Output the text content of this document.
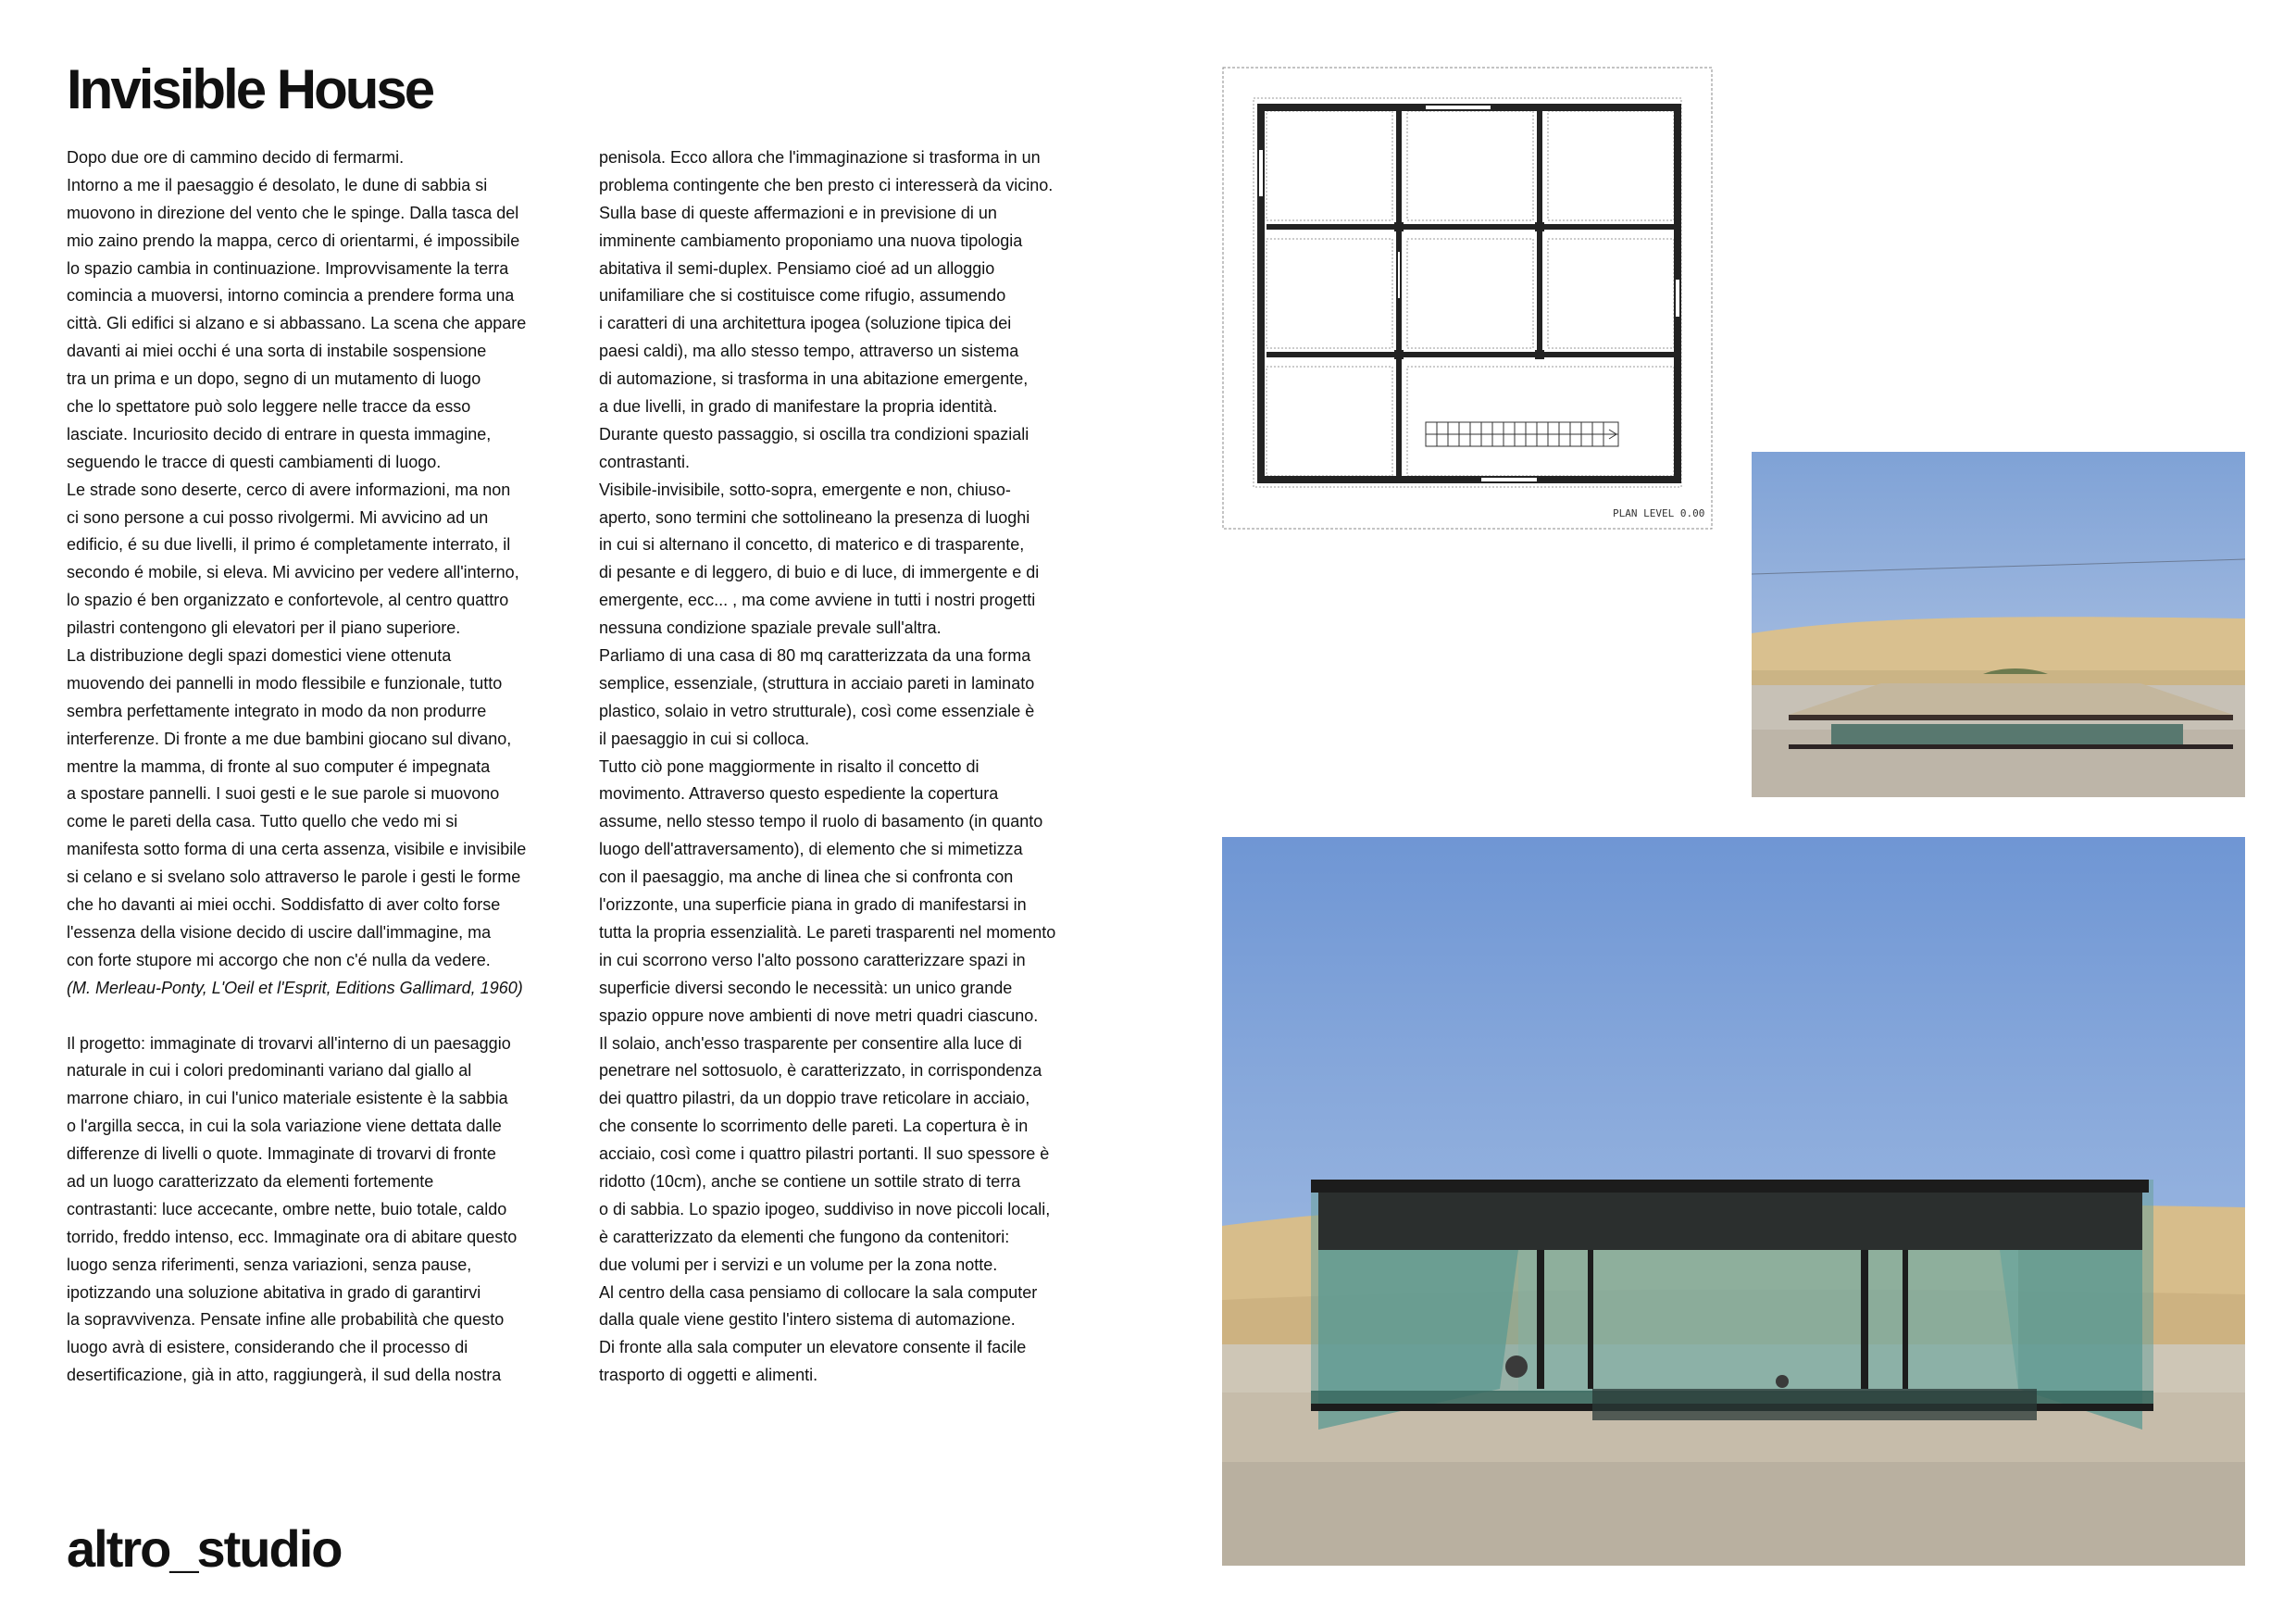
Invisible House
Dopo due ore di cammino decido di fermarmi.
Intorno a me il paesaggio é desolato, le dune di sabbia si
muovono in direzione del vento che le spinge. Dalla tasca del
mio zaino prendo la mappa, cerco di orientarmi, é impossibile
lo spazio cambia in continuazione. Improvvisamente la terra
comincia a muoversi, intorno comincia a prendere forma una
città. Gli edifici si alzano e si abbassano. La scena che appare
davanti ai miei occhi é una sorta di instabile sospensione
tra un prima e un dopo, segno di un mutamento di luogo
che lo spettatore può solo leggere nelle tracce da esso
lasciate. Incuriosito decido di entrare in questa immagine,
seguendo le tracce di questi cambiamenti di luogo.
Le strade sono deserte, cerco di avere informazioni, ma non
ci sono persone a cui posso rivolgermi. Mi avvicino ad un
edificio, é su due livelli, il primo é completamente interrato, il
secondo é mobile, si eleva. Mi avvicino per vedere all'interno,
lo spazio é ben organizzato e confortevole, al centro quattro
pilastri contengono gli elevatori per il piano superiore.
La distribuzione degli spazi domestici viene ottenuta
muovendo dei pannelli in modo flessibile e funzionale, tutto
sembra perfettamente integrato in modo da non produrre
interferenze. Di fronte a me due bambini giocano sul divano,
mentre la mamma, di fronte al suo computer é impegnata
a spostare pannelli. I suoi gesti e le sue parole si muovono
come le pareti della casa. Tutto quello che vedo mi si
manifesta sotto forma di una certa assenza, visibile e invisibile
si celano e si svelano solo attraverso le parole i gesti le forme
che ho davanti ai miei occhi. Soddisfatto di aver colto forse
l'essenza della visione decido di uscire dall'immagine, ma
con forte stupore mi accorgo che non c'é nulla da vedere.
(M. Merleau-Ponty, L'Oeil et l'Esprit, Editions Gallimard, 1960)
Il progetto: immaginate di trovarvi all'interno di un paesaggio
naturale in cui i colori predominanti variano dal giallo al
marrone chiaro, in cui l'unico materiale esistente è la sabbia
o l'argilla secca, in cui la sola variazione viene dettata dalle
differenze di livelli o quote. Immaginate di trovarvi di fronte
ad un luogo caratterizzato da elementi fortemente
contrastanti: luce accecante, ombre nette, buio totale, caldo
torrido, freddo intenso, ecc. Immaginate ora di abitare questo
luogo senza riferimenti, senza variazioni, senza pause,
ipotizzando una soluzione abitativa in grado di garantirvi
la sopravvivenza. Pensate infine alle probabilità che questo
luogo avrà di esistere, considerando che il processo di
desertificazione, già in atto, raggiungerà, il sud della nostra
penisola. Ecco allora che l'immaginazione si trasforma in un
problema contingente che ben presto ci interesserà da vicino.
Sulla base di queste affermazioni e in previsione di un
imminente cambiamento proponiamo una nuova tipologia
abitativa il semi-duplex. Pensiamo cioé ad un alloggio
unifamiliare che si costituisce come rifugio, assumendo
i caratteri di una architettura ipogea (soluzione tipica dei
paesi caldi), ma allo stesso tempo, attraverso un sistema
di automazione, si trasforma in una abitazione emergente,
a due livelli, in grado di manifestare la propria identità.
Durante questo passaggio, si oscilla tra condizioni spaziali
contrastanti.
Visibile-invisibile, sotto-sopra, emergente e non, chiuso-
aperto, sono termini che sottolineano la presenza di luoghi
in cui si alternano il concetto, di materico e di trasparente,
di pesante e di leggero, di buio e di luce, di immergente e di
emergente, ecc... , ma come avviene in tutti i nostri progetti
nessuna condizione spaziale prevale sull'altra.
Parliamo di una casa di 80 mq caratterizzata da una forma
semplice, essenziale, (struttura in acciaio pareti in laminato
plastico, solaio in vetro strutturale), così come essenziale è
il paesaggio in cui si colloca.
Tutto ciò pone maggiormente in risalto il concetto di
movimento. Attraverso questo espediente la copertura
assume, nello stesso tempo il ruolo di basamento (in quanto
luogo dell'attraversamento), di elemento che si mimetizza
con il paesaggio, ma anche di linea che si confronta con
l'orizzonte, una superficie piana in grado di manifestarsi in
tutta la propria essenzialità. Le pareti trasparenti nel momento
in cui scorrono verso l'alto possono caratterizzare spazi in
superficie diversi secondo le necessità: un unico grande
spazio oppure nove ambienti di nove metri quadri ciascuno.
Il solaio, anch'esso trasparente per consentire alla luce di
penetrare nel sottosuolo, è caratterizzato, in corrispondenza
dei quattro pilastri, da un doppio trave reticolare in acciaio,
che consente lo scorrimento delle pareti. La copertura è in
acciaio, così come i quattro pilastri portanti. Il suo spessore è
ridotto (10cm), anche se contiene un sottile strato di terra
o di sabbia. Lo spazio ipogeo, suddiviso in nove piccoli locali,
è caratterizzato da elementi che fungono da contenitori:
due volumi per i servizi e un volume per la zona notte.
Al centro della casa pensiamo di collocare la sala computer
dalla quale viene gestito l'intero sistema di automazione.
Di fronte alla sala computer un elevatore consente il facile
trasporto di oggetti e alimenti.
altro_studio
PLAN LEVEL 0.00
